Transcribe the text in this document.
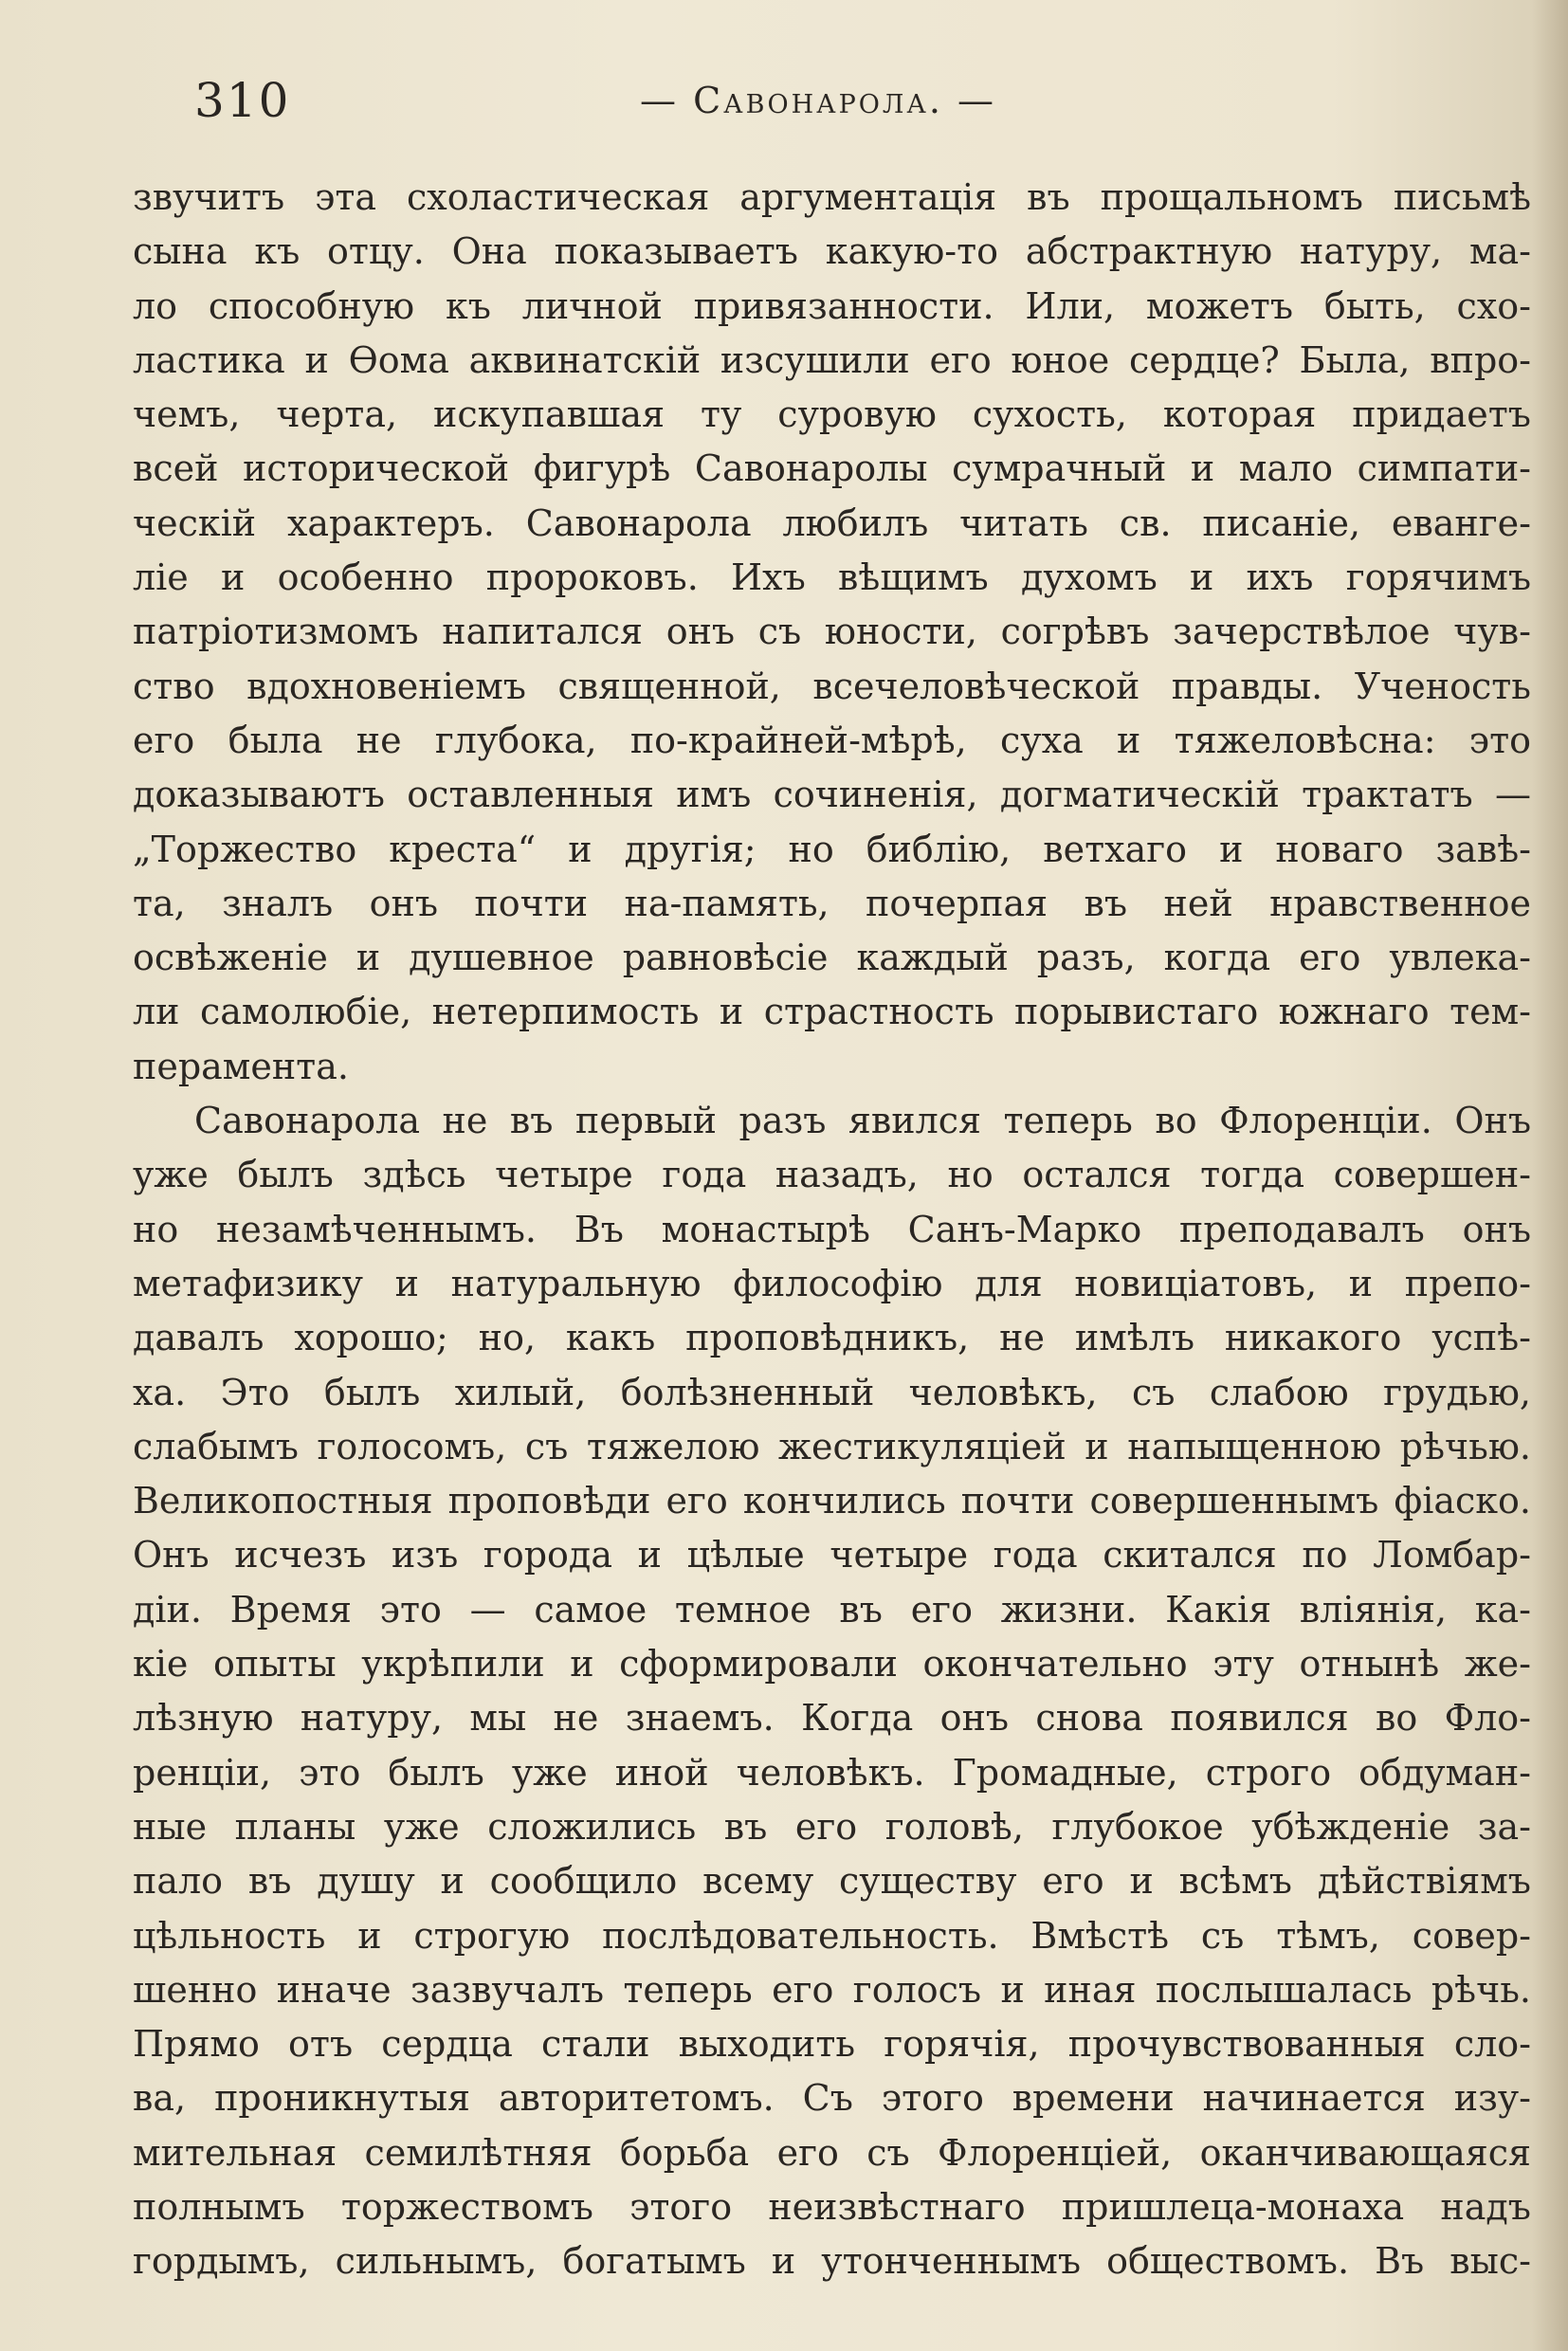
310	— Савонарола. —
звучитъ эта схоластическая аргументація въ прощальномъ письмѣ
сына къ отцу. Она показываетъ какую-то абстрактную натуру, ма-
ло способную къ личной привязанности. Или, можетъ быть, схо-
ластика и Ѳома аквинатскій изсушили его юное сердце? Была, впро-
чемъ, черта, искупавшая ту суровую сухость, которая придаетъ
всей исторической фигурѣ Савонаролы сумрачный и мало симпати-
ческій характеръ. Савонарола любилъ читать св. писаніе, еванге-
ліе и особенно пророковъ. Ихъ вѣщимъ духомъ и ихъ горячимъ
патріотизмомъ напитался онъ съ юности, согрѣвъ зачерствѣлое чув-
ство вдохновеніемъ священной, всечеловѣческой правды. Ученость
его была не глубока, по-крайней-мѣрѣ, суха и тяжеловѣсна: это
доказываютъ оставленныя имъ сочиненія, догматическій трактатъ —
„Торжество креста“ и другія; но библію, ветхаго и новаго завѣ-
та, зналъ онъ почти на-память, почерпая въ ней нравственное
освѣженіе и душевное равновѣсіе каждый разъ, когда его увлека-
ли самолюбіе, нетерпимость и страстность порывистаго южнаго тем-
перамента.
Савонарола не въ первый разъ явился теперь во Флоренціи. Онъ
уже былъ здѣсь четыре года назадъ, но остался тогда совершен-
но незамѣченнымъ. Въ монастырѣ Санъ-Марко преподавалъ онъ
метафизику и натуральную философію для новиціатовъ, и препо-
давалъ хорошо; но, какъ проповѣдникъ, не имѣлъ никакого успѣ-
ха. Это былъ хилый, болѣзненный человѣкъ, съ слабою грудью,
слабымъ голосомъ, съ тяжелою жестикуляціей и напыщенною рѣчью.
Великопостныя проповѣди его кончились почти совершеннымъ фіаско.
Онъ исчезъ изъ города и цѣлые четыре года скитался по Ломбар-
діи. Время это — самое темное въ его жизни. Какія вліянія, ка-
кіе опыты укрѣпили и сформировали окончательно эту отнынѣ же-
лѣзную натуру, мы не знаемъ. Когда онъ снова появился во Фло-
ренціи, это былъ уже иной человѣкъ. Громадные, строго обдуман-
ные планы уже сложились въ его головѣ, глубокое убѣжденіе за-
пало въ душу и сообщило всему существу его и всѣмъ дѣйствіямъ
цѣльность и строгую послѣдовательность. Вмѣстѣ съ тѣмъ, совер-
шенно иначе зазвучалъ теперь его голосъ и иная послышалась рѣчь.
Прямо отъ сердца стали выходить горячія, прочувствованныя сло-
ва, проникнутыя авторитетомъ. Съ этого времени начинается изу-
мительная семилѣтняя борьба его съ Флоренціей, оканчивающаяся
полнымъ торжествомъ этого неизвѣстнаго пришлеца-монаха надъ
гордымъ, сильнымъ, богатымъ и утонченнымъ обществомъ. Въ выс-
